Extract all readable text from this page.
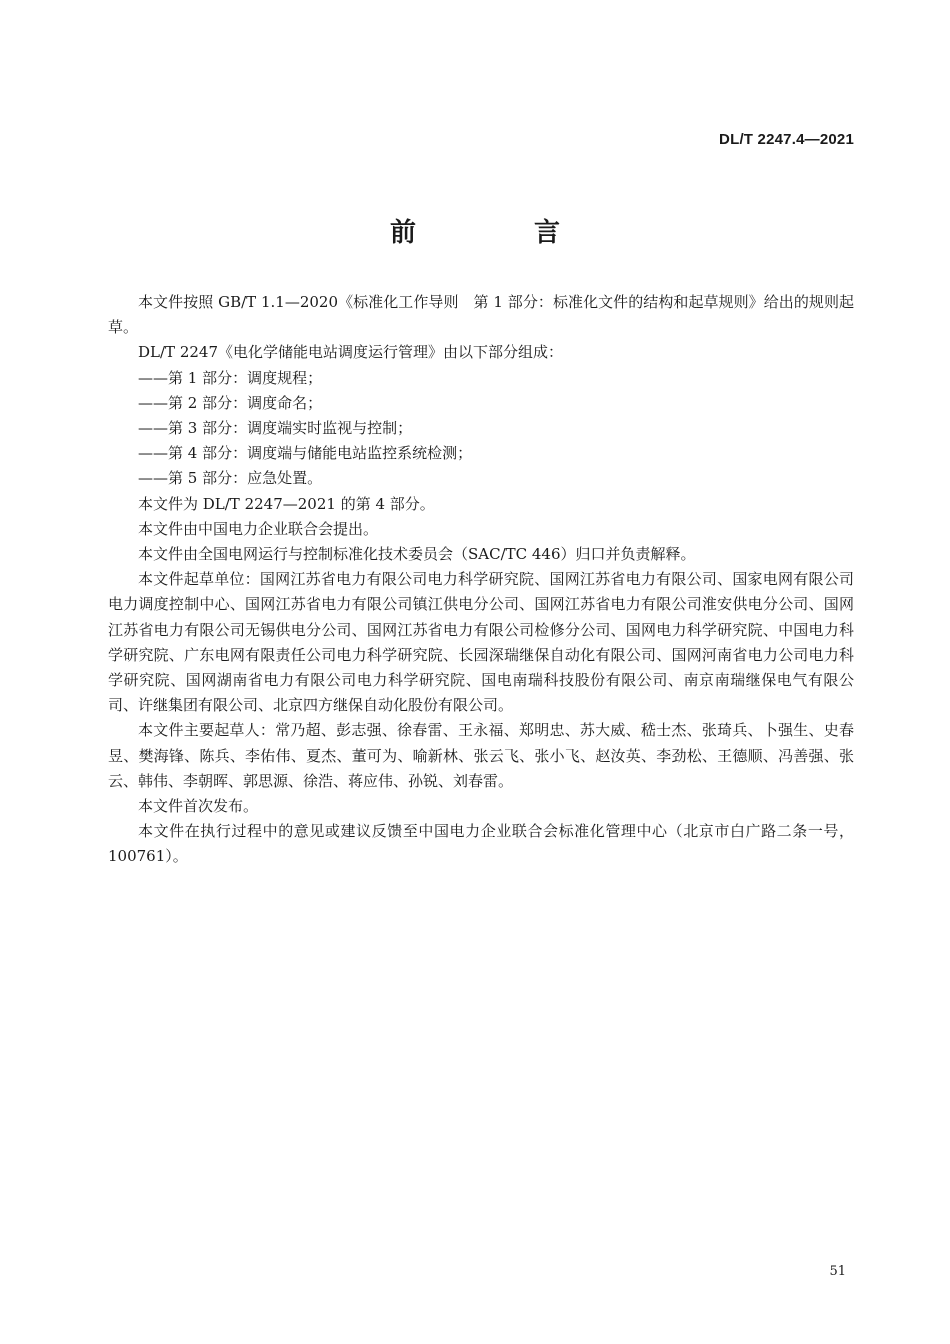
DL/T 2247.4—2021
前　言

本文件按照 GB/T 1.1—2020《标准化工作导则　第 1 部分：标准化文件的结构和起草规则》给出的规则起草。

DL/T 2247《电化学储能电站调度运行管理》由以下部分组成：

——第 1 部分：调度规程；

——第 2 部分：调度命名；

——第 3 部分：调度端实时监视与控制；

——第 4 部分：调度端与储能电站监控系统检测；

——第 5 部分：应急处置。

本文件为 DL/T 2247—2021 的第 4 部分。

本文件由中国电力企业联合会提出。

本文件由全国电网运行与控制标准化技术委员会（SAC/TC 446）归口并负责解释。

本文件起草单位：国网江苏省电力有限公司电力科学研究院、国网江苏省电力有限公司、国家电网有限公司电力调度控制中心、国网江苏省电力有限公司镇江供电分公司、国网江苏省电力有限公司淮安供电分公司、国网江苏省电力有限公司无锡供电分公司、国网江苏省电力有限公司检修分公司、国网电力科学研究院、中国电力科学研究院、广东电网有限责任公司电力科学研究院、长园深瑞继保自动化有限公司、国网河南省电力公司电力科学研究院、国网湖南省电力有限公司电力科学研究院、国电南瑞科技股份有限公司、南京南瑞继保电气有限公司、许继集团有限公司、北京四方继保自动化股份有限公司。

本文件主要起草人：常乃超、彭志强、徐春雷、王永福、郑明忠、苏大威、嵇士杰、张琦兵、卜强生、史春昱、樊海锋、陈兵、李佑伟、夏杰、董可为、喻新林、张云飞、张小飞、赵汝英、李劲松、王德顺、冯善强、张云、韩伟、李朝晖、郭思源、徐浩、蒋应伟、孙锐、刘春雷。

本文件首次发布。

本文件在执行过程中的意见或建议反馈至中国电力企业联合会标准化管理中心（北京市白广路二条一号，100761）。

51
